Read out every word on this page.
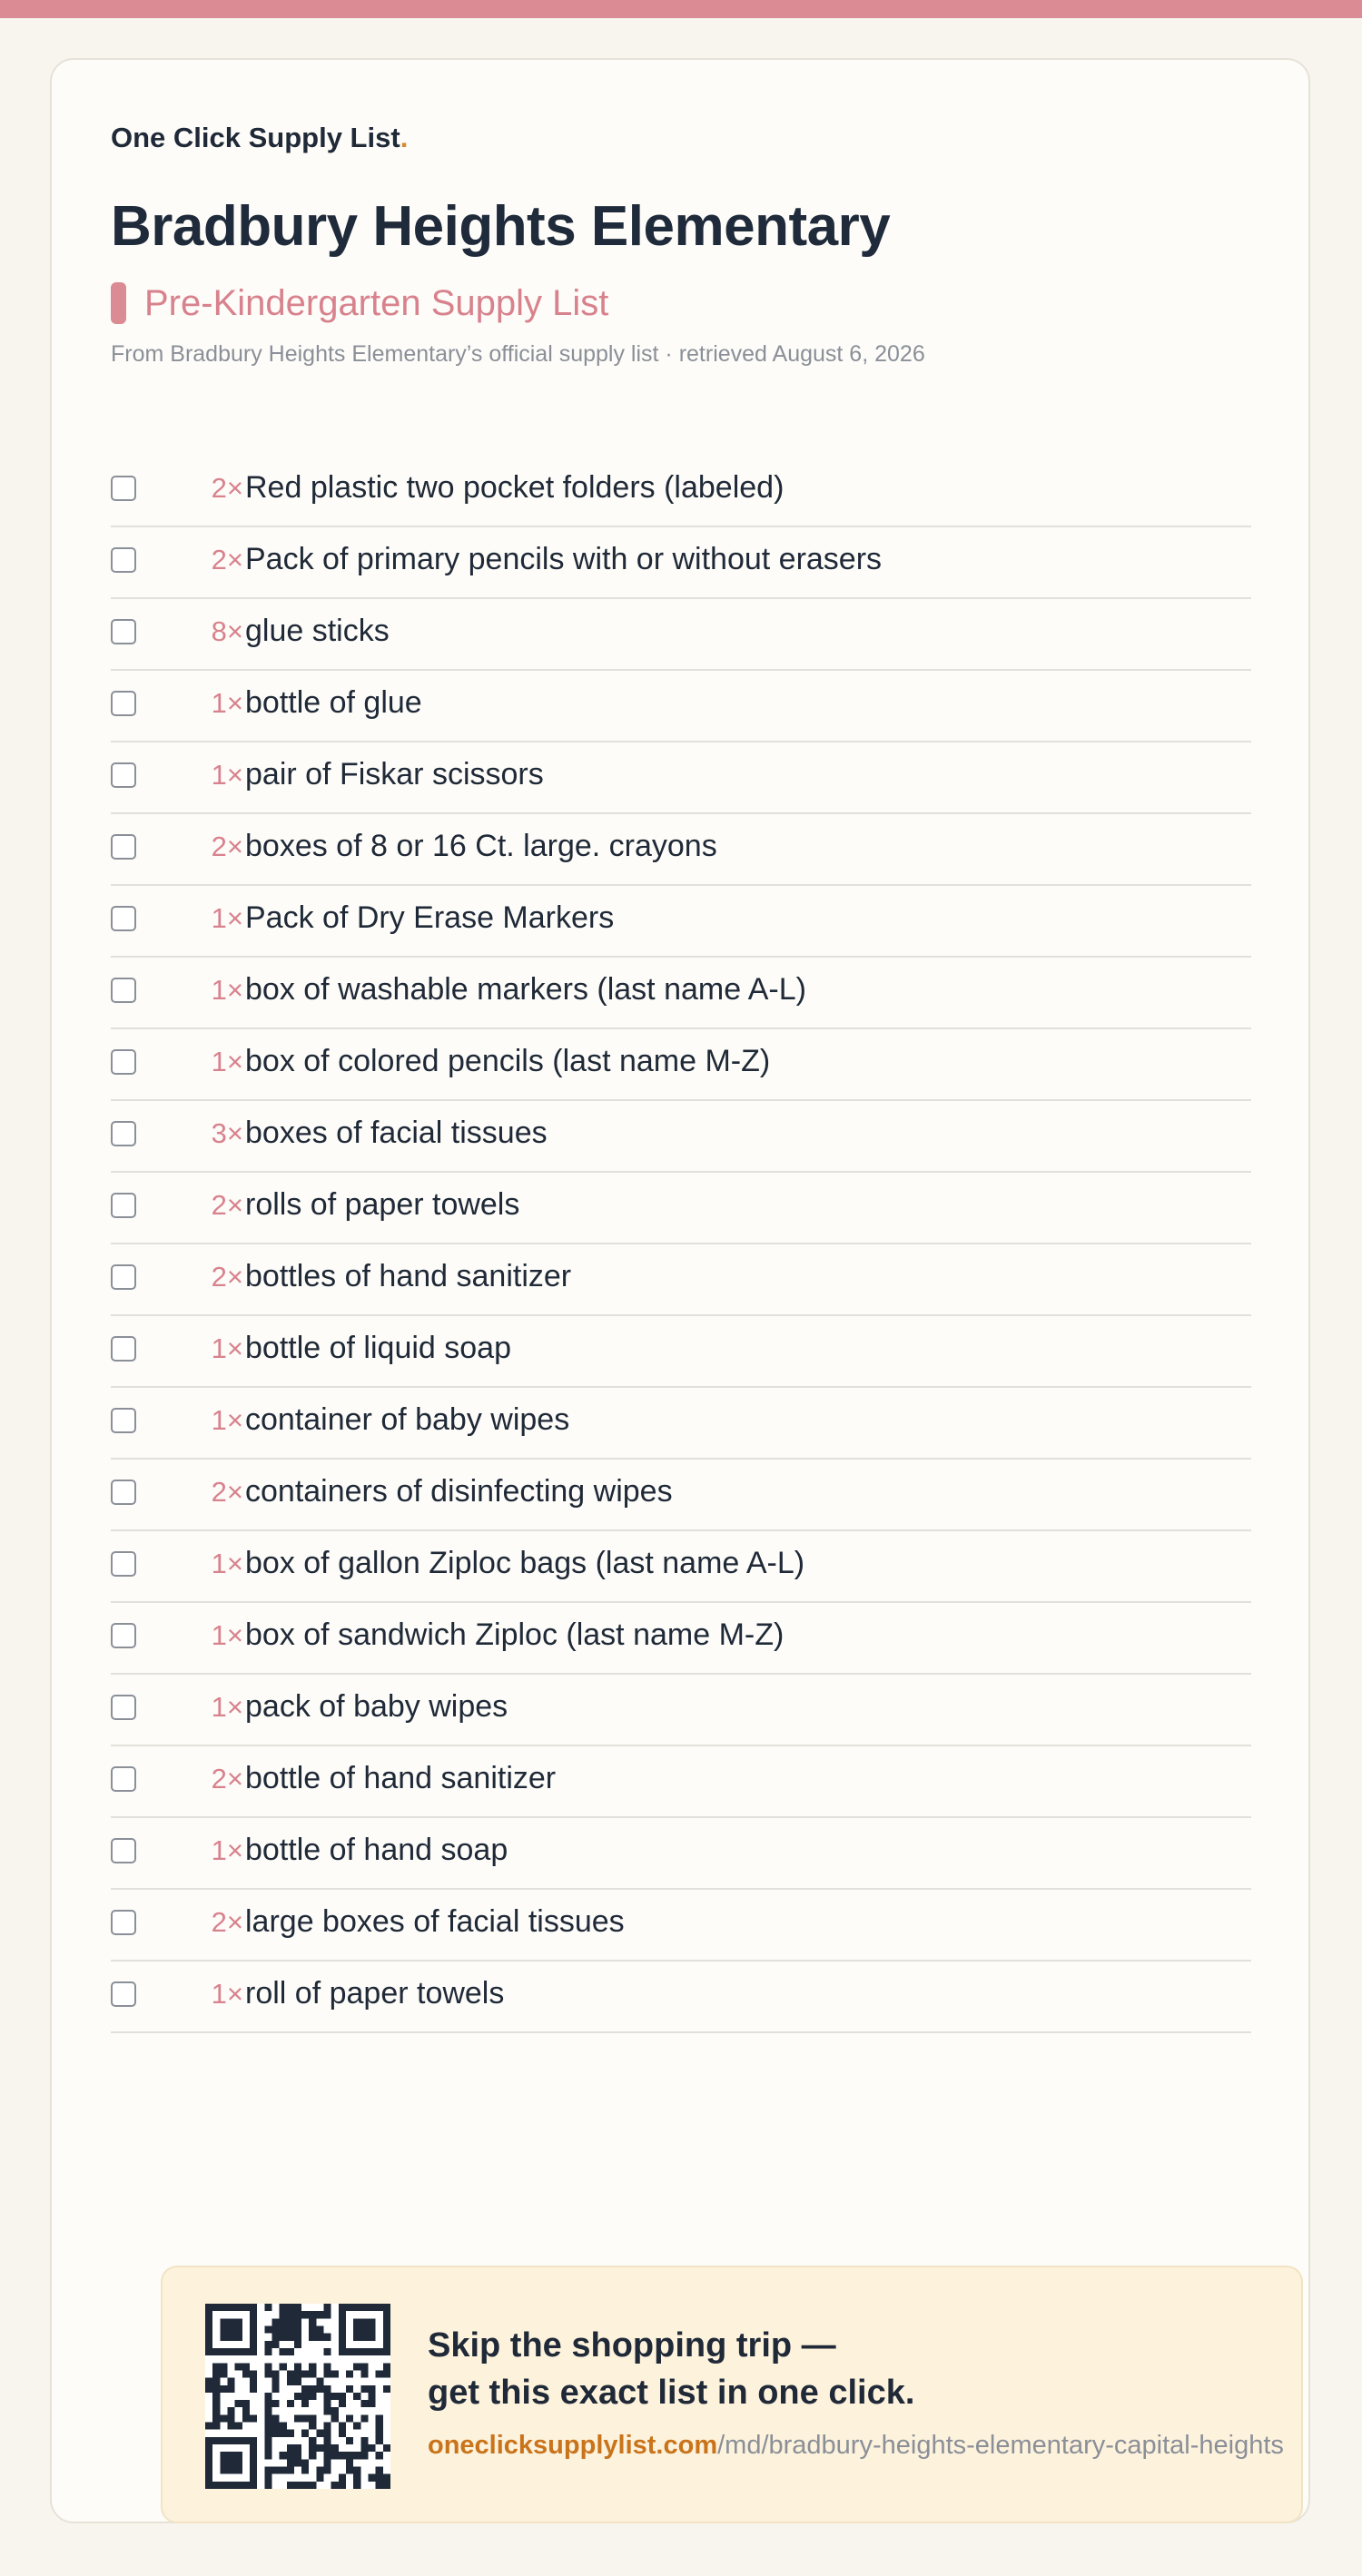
One Click Supply List.
Bradbury Heights Elementary
Pre-Kindergarten Supply List
From Bradbury Heights Elementary’s official supply list · retrieved August 6, 2026
2× Red plastic two pocket folders (labeled)
2× Pack of primary pencils with or without erasers
8× glue sticks
1× bottle of glue
1× pair of Fiskar scissors
2× boxes of 8 or 16 Ct. large. crayons
1× Pack of Dry Erase Markers
1× box of washable markers (last name A-L)
1× box of colored pencils (last name M-Z)
3× boxes of facial tissues
2× rolls of paper towels
2× bottles of hand sanitizer
1× bottle of liquid soap
1× container of baby wipes
2× containers of disinfecting wipes
1× box of gallon Ziploc bags (last name A-L)
1× box of sandwich Ziploc (last name M-Z)
1× pack of baby wipes
2× bottle of hand sanitizer
1× bottle of hand soap
2× large boxes of facial tissues
1× roll of paper towels
Skip the shopping trip —
get this exact list in one click.
oneclicksupplylist.com/md/bradbury-heights-elementary-capital-heights
